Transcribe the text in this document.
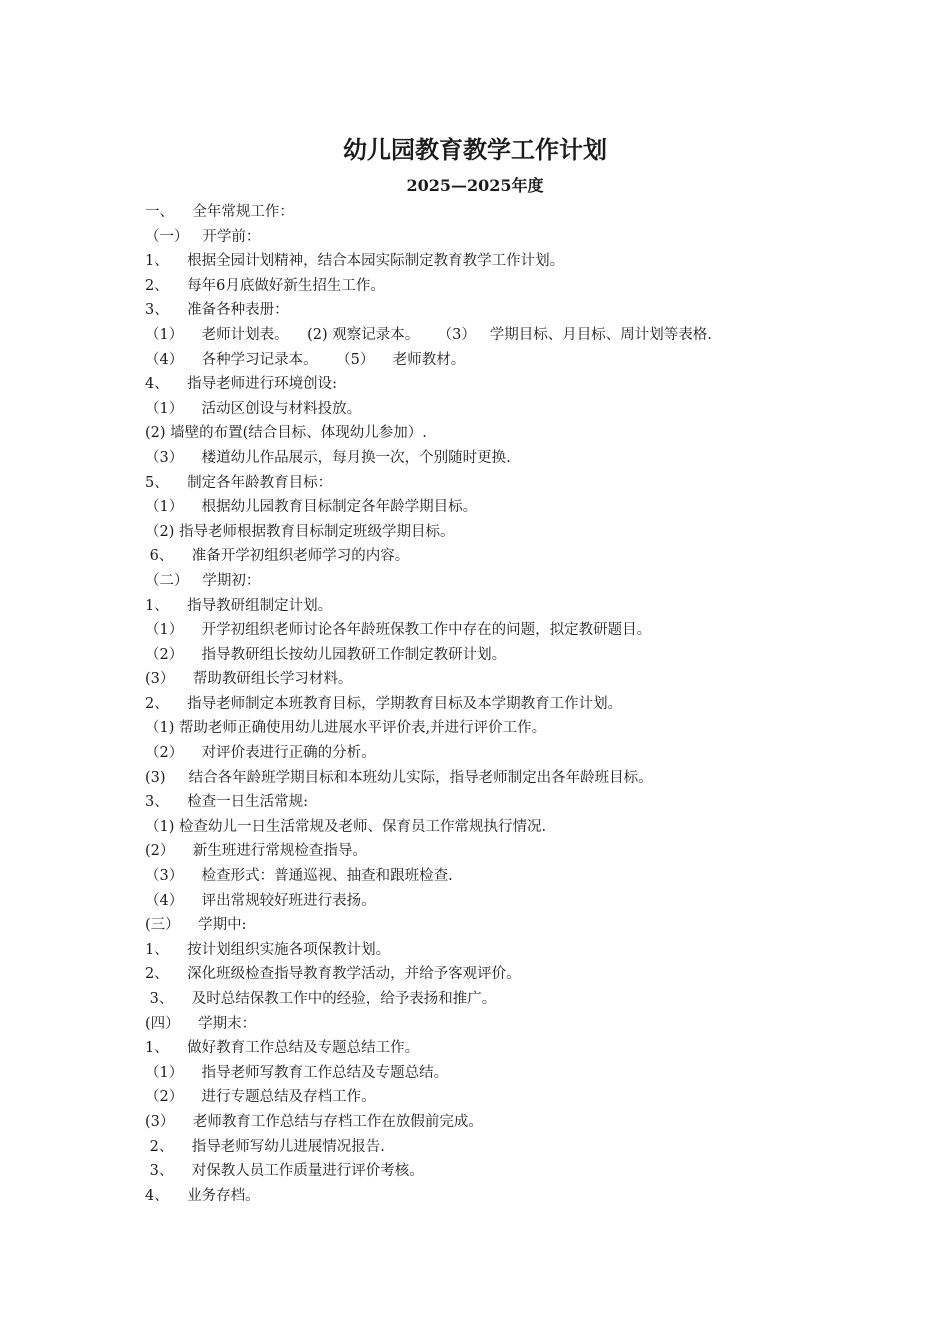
幼儿园教育教学工作计划
2025—2025年度
一、    全年常规工作：
（一）   开学前：
1、    根据全园计划精神，结合本园实际制定教育教学工作计划。
2、    每年6月底做好新生招生工作。
3、    准备各种表册：
（1）    老师计划表。    (2) 观察记录本。    （3）   学期目标、月目标、周计划等表格.
（4）    各种学习记录本。    （5）    老师教材。
4、    指导老师进行环境创设:
（1）    活动区创设与材料投放。
(2) 墙壁的布置(结合目标、体现幼儿参加）.
（3）    楼道幼儿作品展示，每月换一次，个别随时更换.
5、    制定各年龄教育目标：
（1）    根据幼儿园教育目标制定各年龄学期目标。
（2) 指导老师根据教育目标制定班级学期目标。
6、    准备开学初组织老师学习的内容。
（二）   学期初：
1、    指导教研组制定计划。
（1）    开学初组织老师讨论各年龄班保教工作中存在的问题，拟定教研题目。
（2）    指导教研组长按幼儿园教研工作制定教研计划。
(3）    帮助教研组长学习材料。
2、    指导老师制定本班教育目标，学期教育目标及本学期教育工作计划。
（1) 帮助老师正确使用幼儿进展水平评价表,并进行评价工作。
（2）    对评价表进行正确的分析。
(3)     结合各年龄班学期目标和本班幼儿实际，指导老师制定出各年龄班目标。
3、    检查一日生活常规:
（1) 检查幼儿一日生活常规及老师、保育员工作常规执行情况.
(2）    新生班进行常规检查指导。
（3）    检查形式：普通巡视、抽查和跟班检查.
（4）    评出常规较好班进行表扬。
(三）    学期中:
1、    按计划组织实施各项保教计划。
2、    深化班级检查指导教育教学活动，并给予客观评价。
3、    及时总结保教工作中的经验，给予表扬和推广。
(四）    学期末：
1、    做好教育工作总结及专题总结工作。
（1）    指导老师写教育工作总结及专题总结。
（2）    进行专题总结及存档工作。
(3）    老师教育工作总结与存档工作在放假前完成。
2、    指导老师写幼儿进展情况报告.
3、    对保教人员工作质量进行评价考核。
4、    业务存档。
